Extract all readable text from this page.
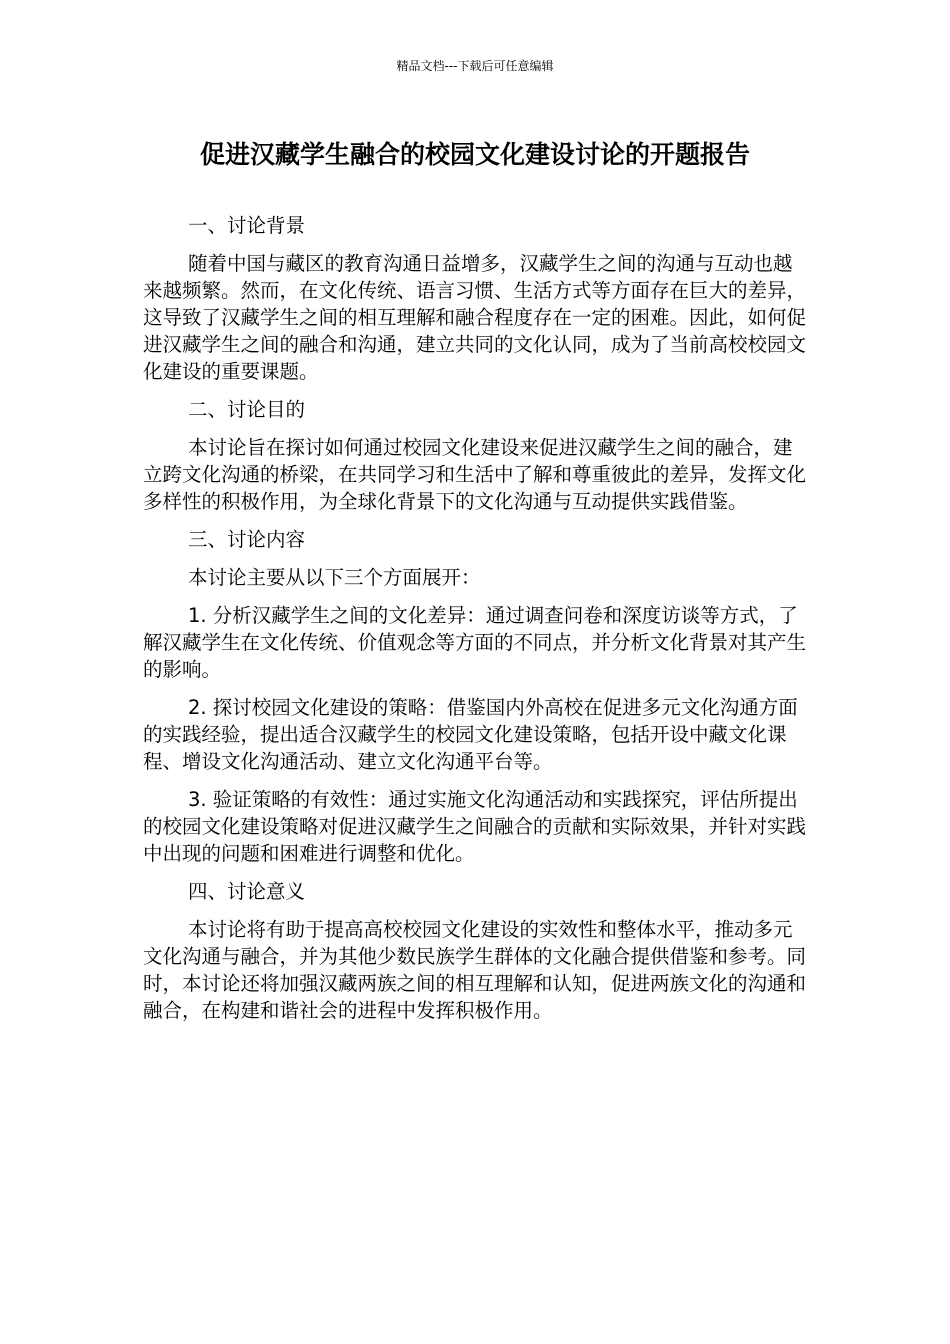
精品文档---下载后可任意编辑
促进汉藏学生融合的校园文化建设讨论的开题报告

一、讨论背景

随着中国与藏区的教育沟通日益增多，汉藏学生之间的沟通与互动也越来越频繁。然而，在文化传统、语言习惯、生活方式等方面存在巨大的差异，这导致了汉藏学生之间的相互理解和融合程度存在一定的困难。因此，如何促进汉藏学生之间的融合和沟通，建立共同的文化认同，成为了当前高校校园文化建设的重要课题。

二、讨论目的

本讨论旨在探讨如何通过校园文化建设来促进汉藏学生之间的融合，建立跨文化沟通的桥梁，在共同学习和生活中了解和尊重彼此的差异，发挥文化多样性的积极作用，为全球化背景下的文化沟通与互动提供实践借鉴。

三、讨论内容

本讨论主要从以下三个方面展开：

1. 分析汉藏学生之间的文化差异：通过调查问卷和深度访谈等方式，了解汉藏学生在文化传统、价值观念等方面的不同点，并分析文化背景对其产生的影响。

2. 探讨校园文化建设的策略：借鉴国内外高校在促进多元文化沟通方面的实践经验，提出适合汉藏学生的校园文化建设策略，包括开设中藏文化课程、增设文化沟通活动、建立文化沟通平台等。

3. 验证策略的有效性：通过实施文化沟通活动和实践探究，评估所提出的校园文化建设策略对促进汉藏学生之间融合的贡献和实际效果，并针对实践中出现的问题和困难进行调整和优化。

四、讨论意义

本讨论将有助于提高高校校园文化建设的实效性和整体水平，推动多元文化沟通与融合，并为其他少数民族学生群体的文化融合提供借鉴和参考。同时，本讨论还将加强汉藏两族之间的相互理解和认知，促进两族文化的沟通和融合，在构建和谐社会的进程中发挥积极作用。
